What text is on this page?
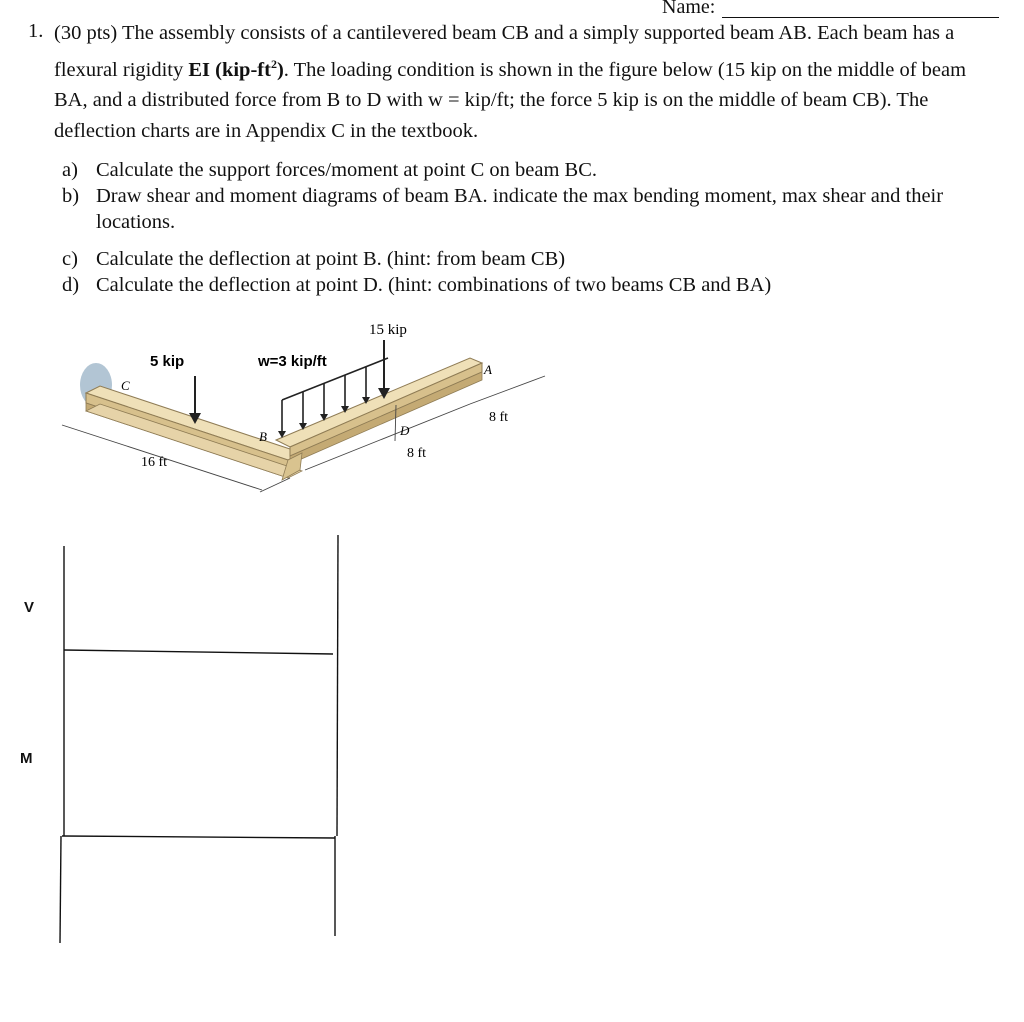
Name:
1. (30 pts) The assembly consists of a cantilevered beam CB and a simply supported beam AB. Each beam has a flexural rigidity EI $(kip-ft^2)$. The loading condition is shown in the figure below (15 kip on the middle of beam BA, and a distributed force from B to D with w = kip/ft; the force 5 kip is on the middle of beam CB). The deflection charts are in Appendix C in the textbook.
a) Calculate the support forces/moment at point C on beam BC.
b) Draw shear and moment diagrams of beam BA. indicate the max bending moment, max shear and their locations.
c) Calculate the deflection at point B. (hint: from beam CB)
d) Calculate the deflection at point D. (hint: combinations of two beams CB and BA)
15 kip
5 kip	w=3 kip/ft
C
B	D
A
16 ft
8 ft
8 ft
V
M
